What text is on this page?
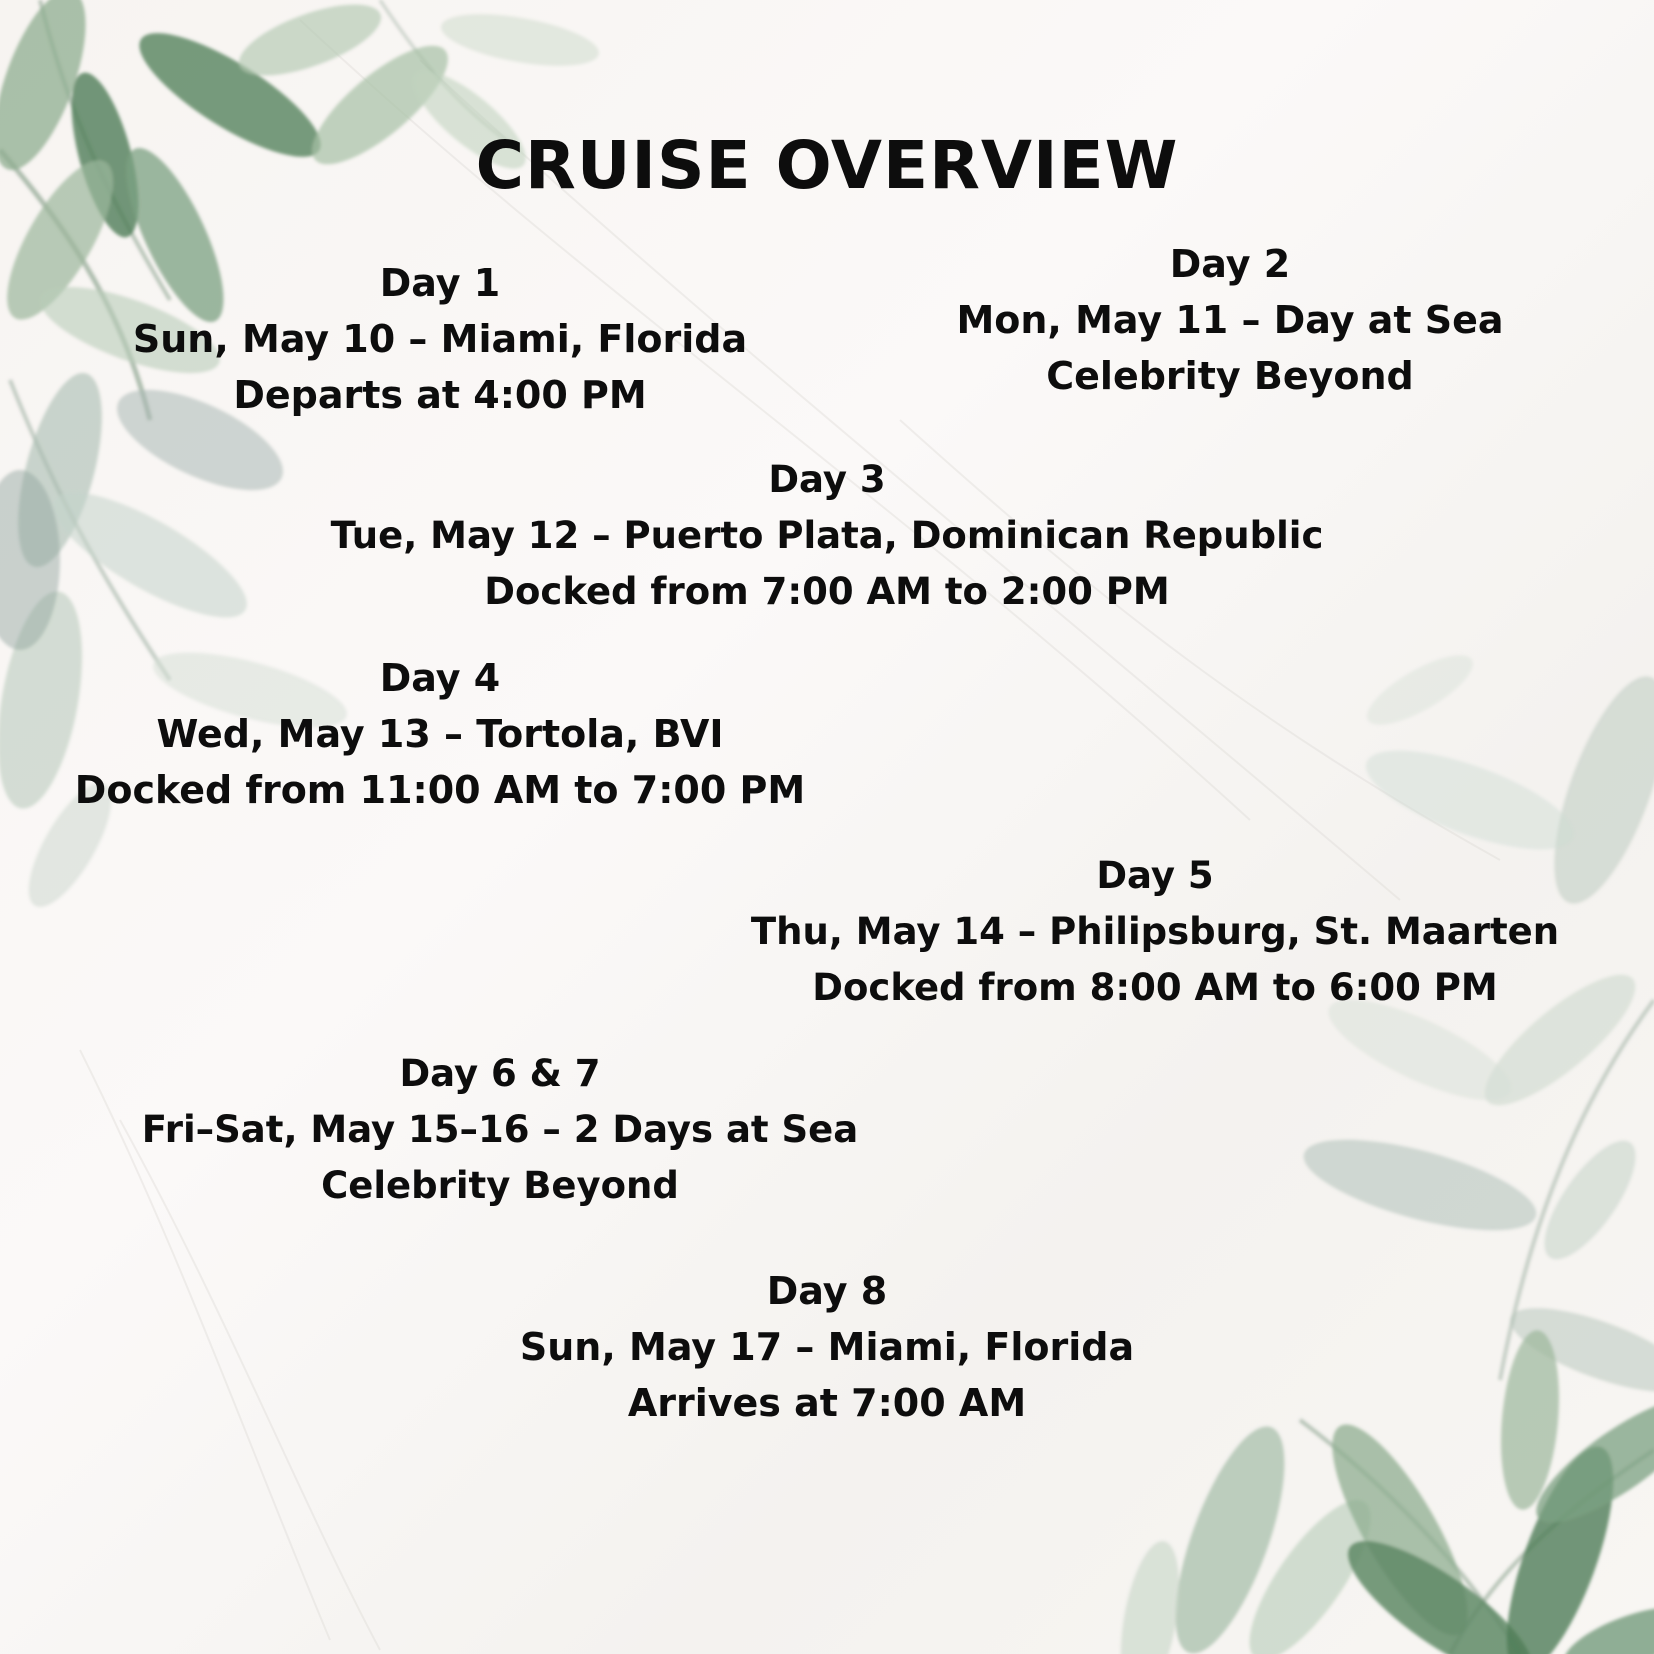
CRUISE OVERVIEW
Day 1
Sun, May 10 – Miami, Florida
Departs at 4:00 PM
Day 2
Mon, May 11 – Day at Sea
Celebrity Beyond
Day 3
Tue, May 12 – Puerto Plata, Dominican Republic
Docked from 7:00 AM to 2:00 PM
Day 4
Wed, May 13 – Tortola, BVI
Docked from 11:00 AM to 7:00 PM
Day 5
Thu, May 14 – Philipsburg, St. Maarten
Docked from 8:00 AM to 6:00 PM
Day 6 & 7
Fri–Sat, May 15–16 – 2 Days at Sea
Celebrity Beyond
Day 8
Sun, May 17 – Miami, Florida
Arrives at 7:00 AM
